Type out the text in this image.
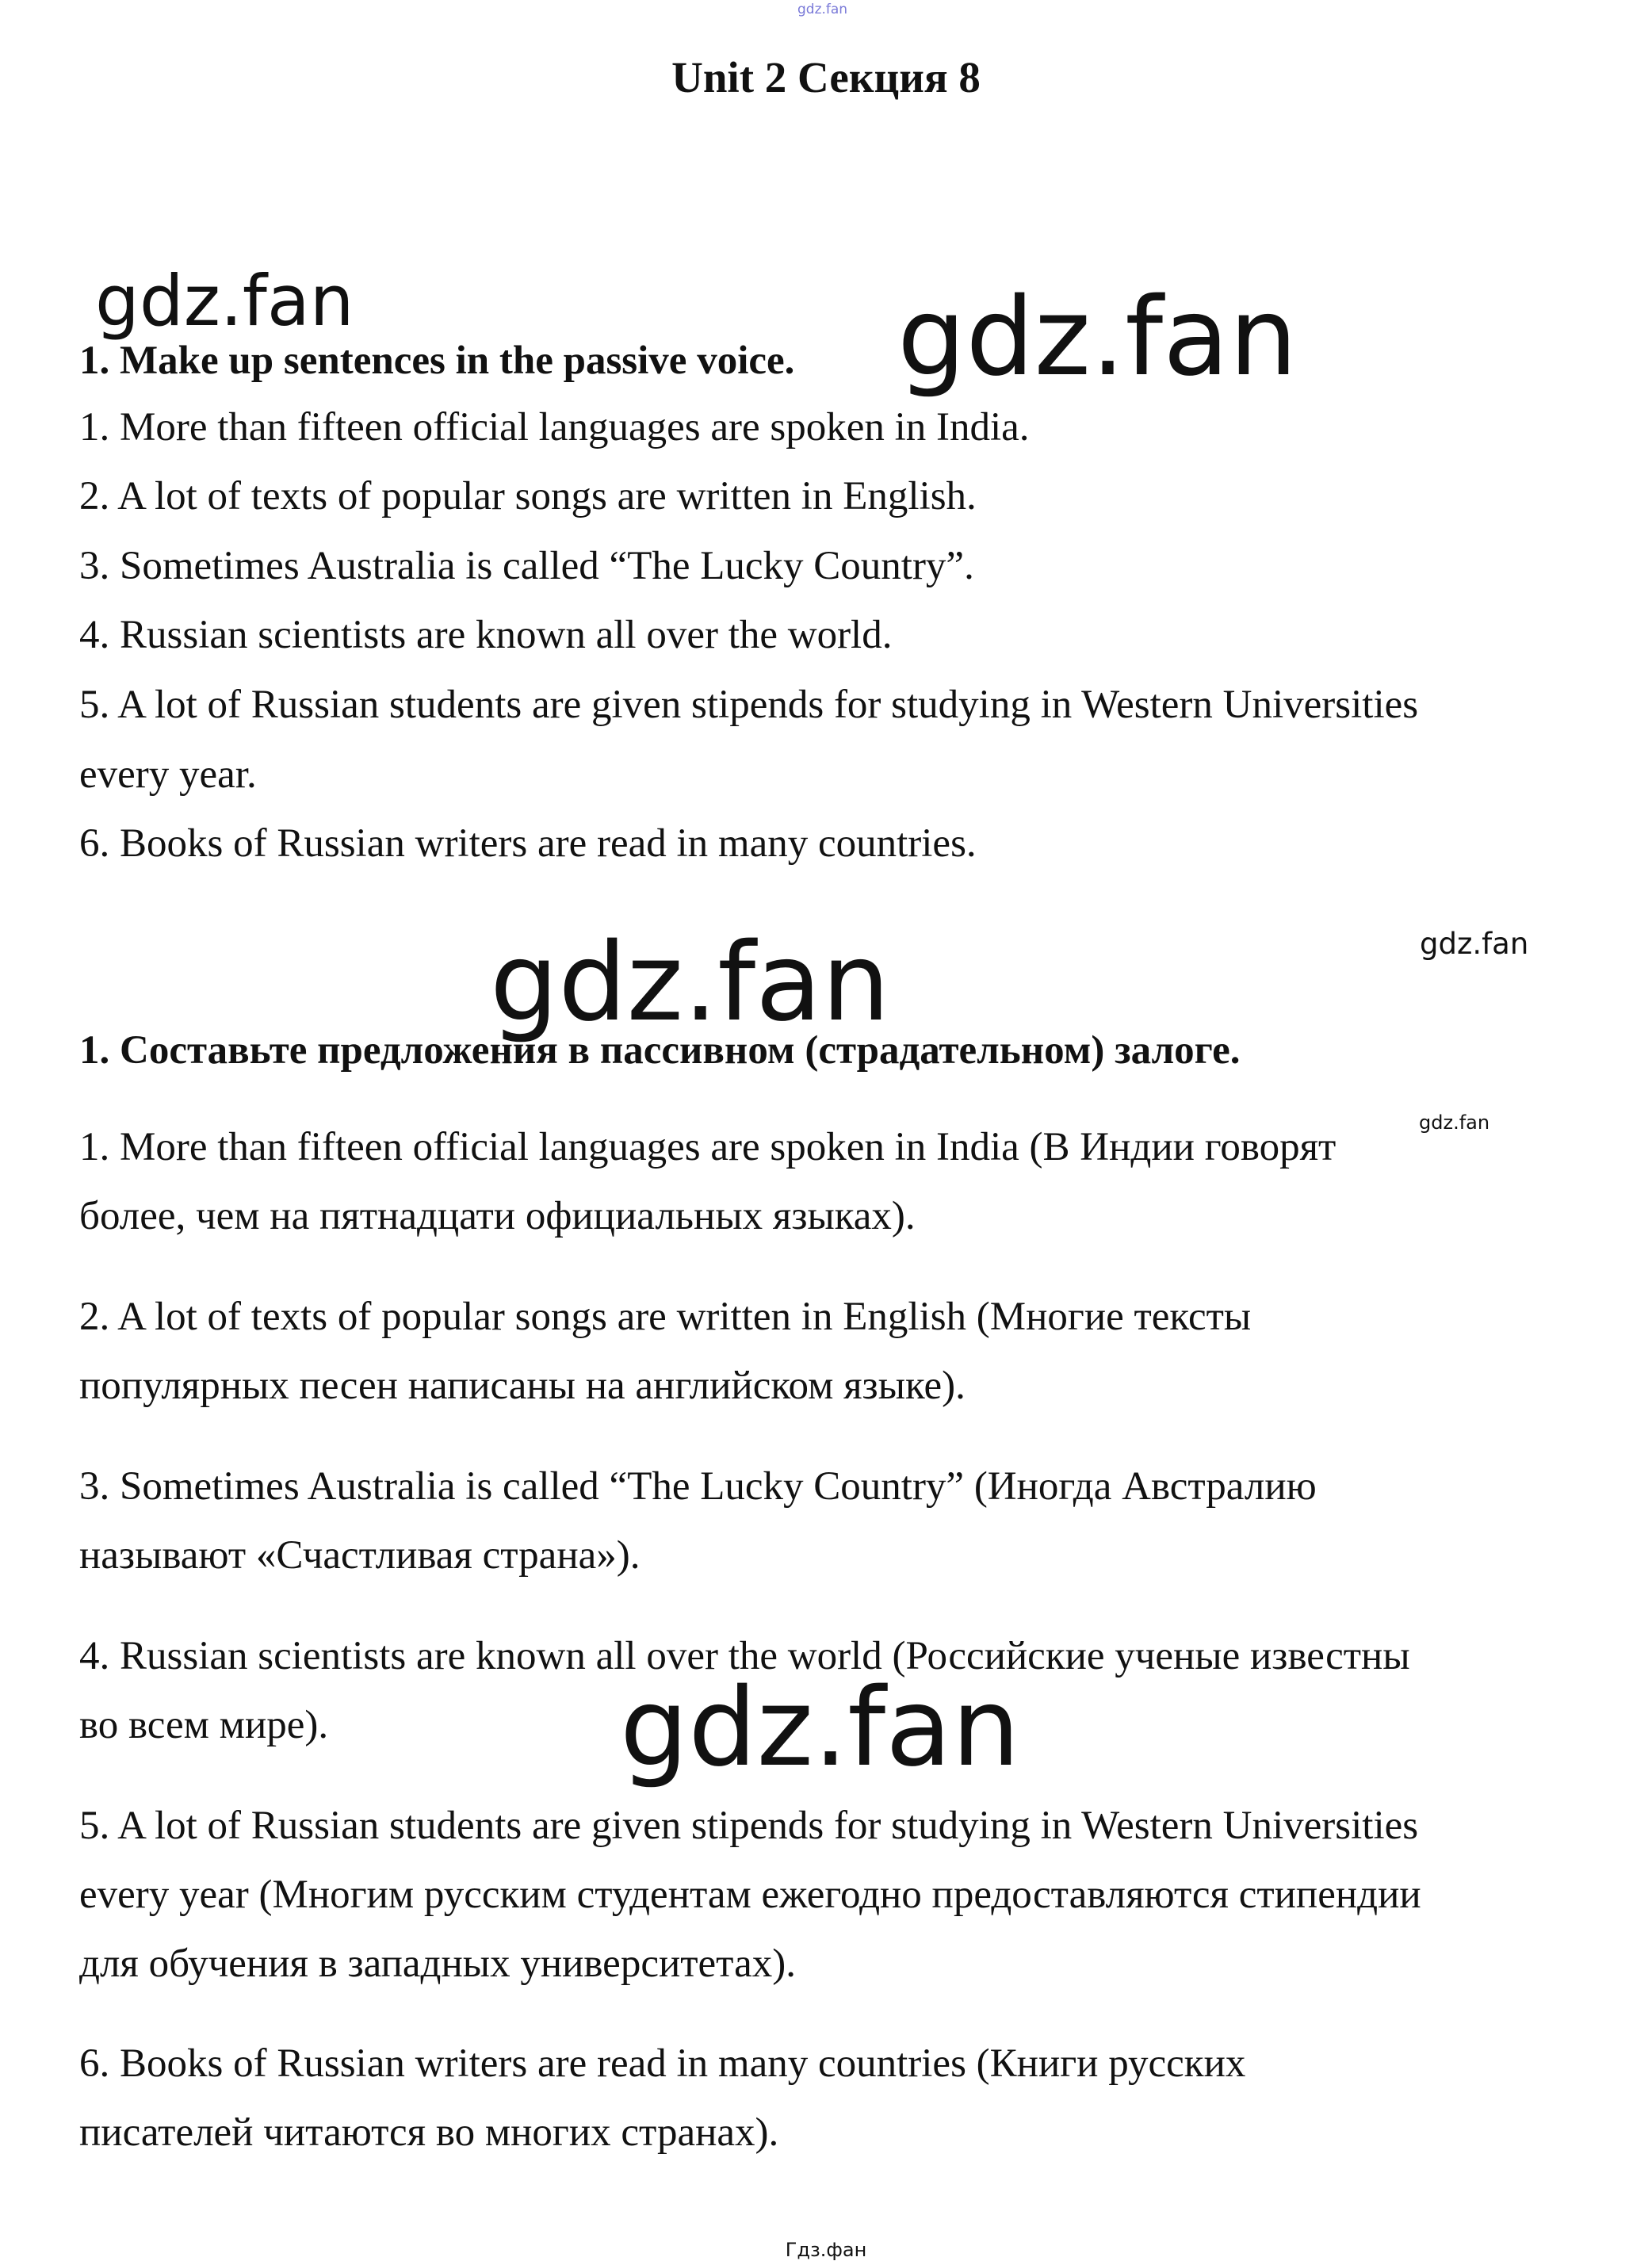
gdz.fan
Unit 2 Секция 8
gdz.fan	gdz.fan
1. Make up sentences in the passive voice.
1. More than fifteen official languages are spoken in India.
2. A lot of texts of popular songs are written in English.
3. Sometimes Australia is called “The Lucky Country”.
4. Russian scientists are known all over the world.
5. A lot of Russian students are given stipends for studying in Western Universities
every year.
6. Books of Russian writers are read in many countries.
gdz.fan
gdz.fan
1. Составьте предложения в пассивном (страдательном) залоге.
gdz.fan
1. More than fifteen official languages are spoken in India (В Индии говорят
более, чем на пятнадцати официальных языках).
2. A lot of texts of popular songs are written in English (Многие тексты
популярных песен написаны на английском языке).
3. Sometimes Australia is called “The Lucky Country” (Иногда Австралию
называют «Счастливая страна»).
4. Russian scientists are known all over the world (Российские ученые известны
во всем мире).	gdz.fan
5. A lot of Russian students are given stipends for studying in Western Universities
every year (Многим русским студентам ежегодно предоставляются стипендии
для обучения в западных университетах).
6. Books of Russian writers are read in many countries (Книги русских
писателей читаются во многих странах).
Гдз.фан
